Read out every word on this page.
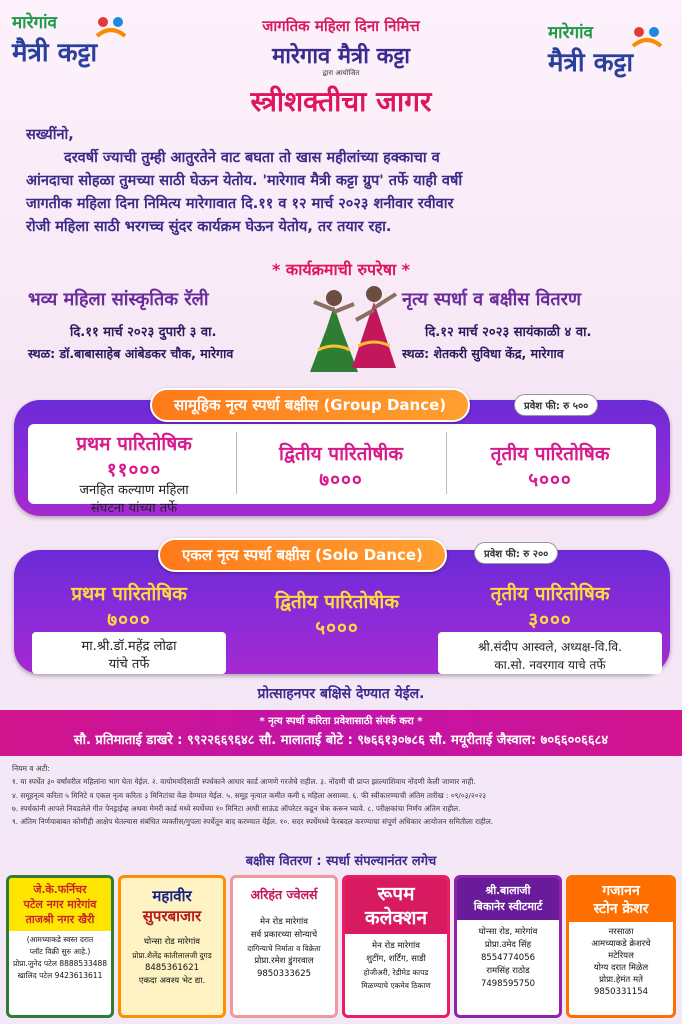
मारेगांव
मैत्री कट्टा
मारेगांव
मैत्री कट्टा
जागतिक महिला दिना निमित्त
मारेगाव मैत्री कट्टा
द्वारा आयोजित
स्त्रीशक्तीचा जागर
सख्यींनो,
दरवर्षी ज्याची तुम्ही आतुरतेने वाट बघता तो खास महीलांच्या हक्काचा व
आंनदाचा सोहळा तुमच्या साठी घेऊन येतोय. 'मारेगाव मैत्री कट्टा ग्रुप' तर्फे याही वर्षी
जागतीक महिला दिना निमित्य मारेगावात दि.११ व १२ मार्च २०२३ शनीवार रवीवार
रोजी महिला साठी भरगच्च सुंदर कार्यक्रम घेऊन येतोय, तर तयार रहा.
* कार्यक्रमाची रुपरेषा *
भव्य महिला सांस्कृतिक रॅली
दि.११ मार्च २०२३ दुपारी ३ वा.
स्थळ: डॉ.बाबासाहेब आंबेडकर चौक, मारेगाव
नृत्य स्पर्धा व बक्षीस वितरण
दि.१२ मार्च २०२३ सायंकाळी ४ वा.
स्थळ: शेतकरी सुविधा केंद्र, मारेगाव
प्रथम पारितोषिक
११०००
जनहित कल्याण महिला
संघटना यांच्या तर्फे
द्वितीय पारितोषीक
७०००
तृतीय पारितोषिक
५०००
सामूहिक नृत्य स्पर्धा बक्षीस (Group Dance)	प्रवेश फी: रु ५००
प्रथम पारितोषिक
७०००
मा.श्री.डॉ.महेंद्र लोढा
यांचे तर्फे
द्वितीय पारितोषीक
५०००
तृतीय पारितोषिक
३०००
श्री.संदीप आस्वले, अध्यक्ष-वि.वि.
का.सो. नवरगाव याचे तर्फे
एकल नृत्य स्पर्धा बक्षीस (Solo Dance)	प्रवेश फी: रु २००
प्रोत्साहनपर बक्षिसे देण्यात येईल.
* नृत्य स्पर्धा करिता प्रवेशासाठी संपर्क करा *
सौ. प्रतिमाताई डाखरे : ९९२२६६९६४८ सौ. मालाताई बोटे : ९७६६१३०७८६ सौ. मयूरीताई जैस्वाल: ७०६६००६६८४
नियम व अटी:
१. या स्पर्धेत ३० वर्षांवरील महिलांना भाग घेता येईल. २. वायोमयदिसाठी स्पर्धकाने आधार कार्ड आणणे गरजेचे राहील. ३. नोंदणी ची प्राप्त झाल्याशिवाय नोंदणी केली जाणार नाही.
४. समूहनृत्य करिता ५ मिनिटे व एकल नृत्य करिता ३ मिनिटांचा वेळ देण्यात येईल. ५. समूह नृत्यात कमीत कमी ६ महिला असाव्या. ६. फी स्वीकारण्याची अंतिम तारीख : ०९/०३/२०२३
७. स्पर्धकांनी आपले निवडलेले गीत पेनड्राईव्ह अथवा मेमरी कार्ड मध्ये स्पर्धेच्या १० मिनिटा आधी साऊंड ऑपरेटर कडून चेक करून घ्यावे. ८. परीक्षकांचा निर्णय अंतिम राहील.
९. अंतिम निर्णयाबाबत कोणीही आक्षेप घेतल्यास संबंधित व्यक्तीस/गुपला स्पर्धेतून बाद करण्यात येईल. १०. सदर स्पर्धेमध्ये फेरबदल करण्याचा संपूर्ण अधिकार आयोजन समितीला राहील.
बक्षीस वितरण : स्पर्धा संपल्यानंतर लगेच
जे.के.फर्निचर
पटेल नगर मारेगांव
ताजश्री नगर खैरी
(आमच्याकडे स्वस्त दरात
प्लॉट विक्री सुरु आहे.)
प्रोप्रा.जुनेद पटेल 8888533488
खालिद पटेल 9423613611
महावीर
सुपरबाजार
घोन्सा रोड मारेगांव
प्रोप्रा.शैलेंद्र कांतीलालजी दुगड
8485361621
एकदा अवश्य भेट द्या.
अरिहंत ज्वेलर्स
मेन रोड मारेगांव
सर्व प्रकारच्या सोन्याचे
दागिन्याचे निर्माता व विक्रेता
प्रोप्रा.रमेश डुंगरवाल
9850333625
रूपम
कलेक्शन
मेन रोड मारेगांव
शुटींग, शर्टिंग, साडी
होजीअरी, रेडीमेड कापड
मिळण्याचे एकमेव ठिकाण
श्री.बालाजी
बिकानेर स्वीटमार्ट
घोन्सा रोड, मारेगांव
प्रोप्रा.उमेद सिंह
8554774056
रामसिंह राठोड
7498595750
गजानन
स्टोन क्रेशर
नरसाळा
आमच्याकडे क्रेशरचे
मटेरियल
योग्य दरात मिळेल
प्रोप्रा.हेमंत मते
9850331154
